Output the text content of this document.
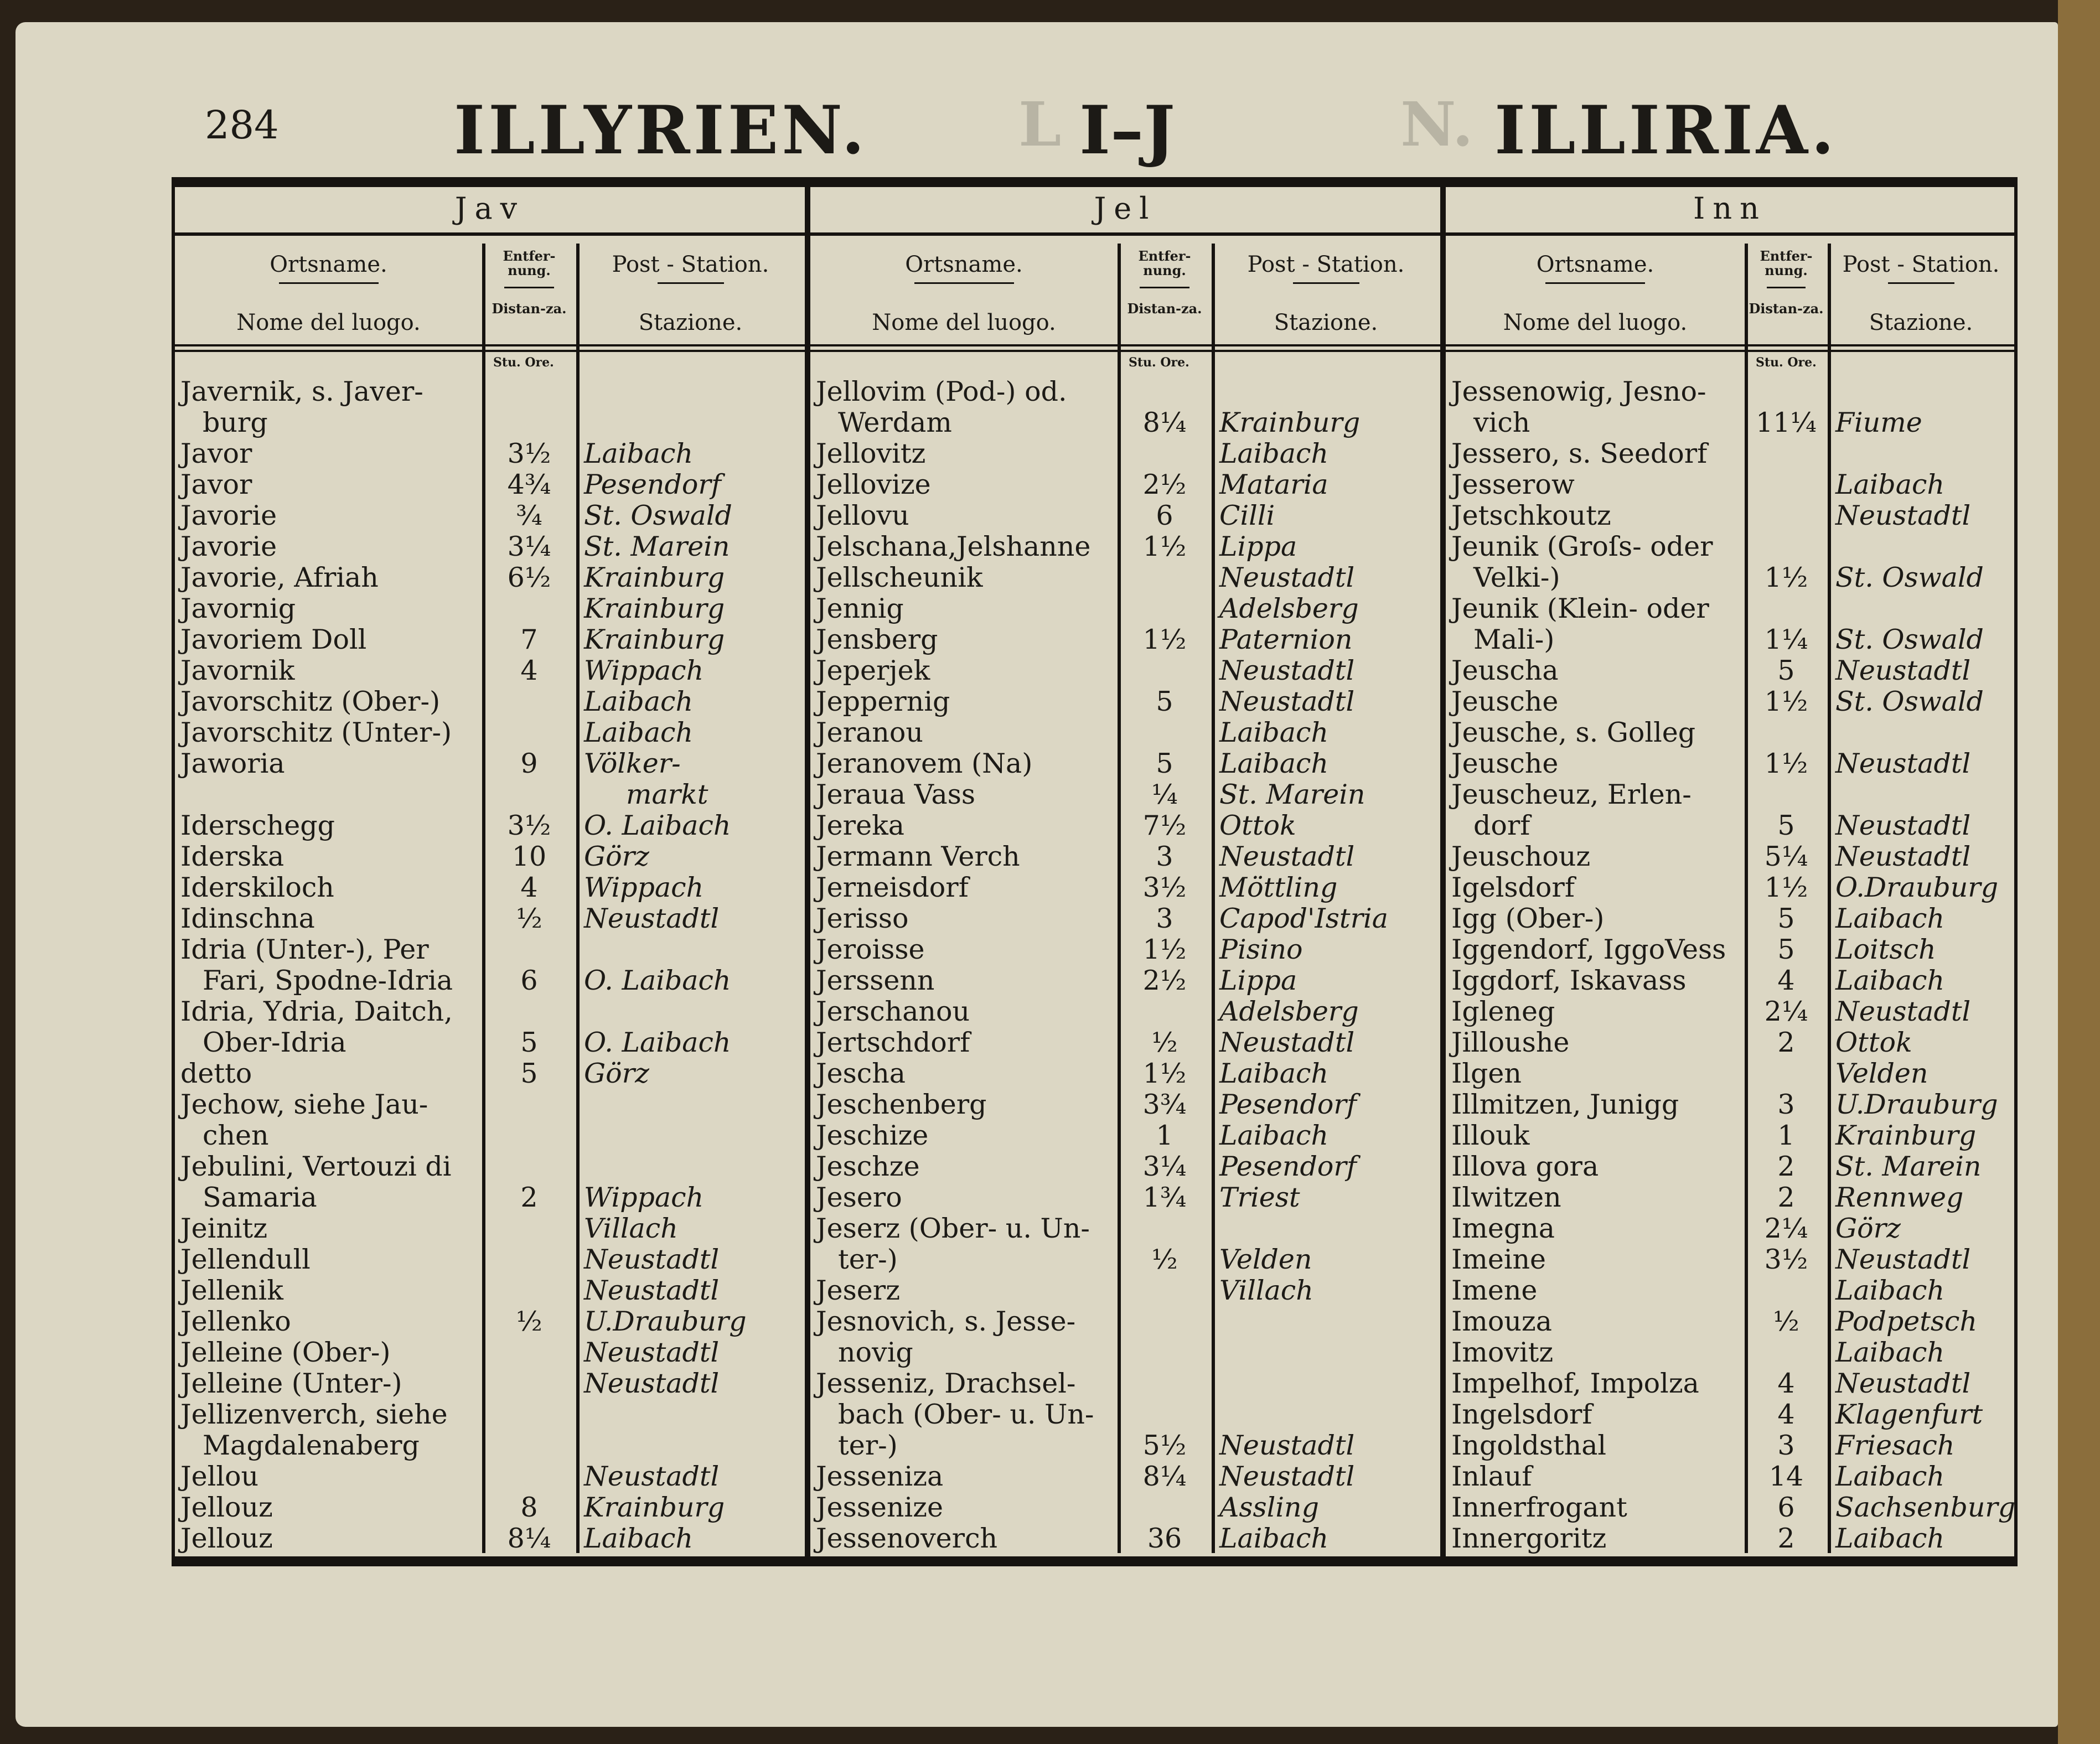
L	N.
284	ILLYRIEN.	I–J	ILLIRIA.
Jav
Ortsname.
Nome del luogo.
Entfer-nung.
Distan-za.
Post - Station.
Stazione.
Stu. Ore.
Javernik, s. Javer-
burg
Javor	3½	Laibach
Javor	4¾	Pesendorf
Javorie	¾	St. Oswald
Javorie	3¼	St. Marein
Javorie, Afriah	6½	Krainburg
Javornig	Krainburg
Javoriem Doll	7	Krainburg
Javornik	4	Wippach
Javorschitz (Ober-)	Laibach
Javorschitz (Unter-)	Laibach
Jaworia	9	Völker-
markt
Iderschegg	3½	O. Laibach
Iderska	10	Görz
Iderskiloch	4	Wippach
Idinschna	½	Neustadtl
Idria (Unter-), Per
Fari, Spodne-Idria	6	O. Laibach
Idria, Ydria, Daitch,
Ober-Idria	5	O. Laibach
detto	5	Görz
Jechow, siehe Jau-
chen
Jebulini, Vertouzi di
Samaria	2	Wippach
Jeinitz	Villach
Jellendull	Neustadtl
Jellenik	Neustadtl
Jellenko	½	U.Drauburg
Jelleine (Ober-)	Neustadtl
Jelleine (Unter-)	Neustadtl
Jellizenverch, siehe
Magdalenaberg
Jellou	Neustadtl
Jellouz	8	Krainburg
Jellouz	8¼	Laibach
Jel
Ortsname.
Nome del luogo.
Entfer-nung.
Distan-za.
Post - Station.
Stazione.
Stu. Ore.
Jellovim (Pod-) od.
Werdam	8¼	Krainburg
Jellovitz	Laibach
Jellovize	2½	Mataria
Jellovu	6	Cilli
Jelschana,Jelshanne	1½	Lippa
Jellscheunik	Neustadtl
Jennig	Adelsberg
Jensberg	1½	Paternion
Jeperjek	Neustadtl
Jeppernig	5	Neustadtl
Jeranou	Laibach
Jeranovem (Na)	5	Laibach
Jeraua Vass	¼	St. Marein
Jereka	7½	Ottok
Jermann Verch	3	Neustadtl
Jerneisdorf	3½	Möttling
Jerisso	3	Capod'Istria
Jeroisse	1½	Pisino
Jerssenn	2½	Lippa
Jerschanou	Adelsberg
Jertschdorf	½	Neustadtl
Jescha	1½	Laibach
Jeschenberg	3¾	Pesendorf
Jeschize	1	Laibach
Jeschze	3¼	Pesendorf
Jesero	1¾	Triest
Jeserz (Ober- u. Un-
ter-)	½	Velden
Jeserz	Villach
Jesnovich, s. Jesse-
novig
Jesseniz, Drachsel-
bach (Ober- u. Un-
ter-)	5½	Neustadtl
Jesseniza	8¼	Neustadtl
Jessenize	Assling
Jessenoverch	36	Laibach
Inn
Ortsname.
Nome del luogo.
Entfer-nung.
Distan-za.
Post - Station.
Stazione.
Stu. Ore.
Jessenowig, Jesno-
vich	11¼ Fiume
Jessero, s. Seedorf
Jesserow	Laibach
Jetschkoutz	Neustadtl
Jeunik (Groſs- oder
Velki-)	1½	St. Oswald
Jeunik (Klein- oder
Mali-)	1¼	St. Oswald
Jeuscha	5	Neustadtl
Jeusche	1½	St. Oswald
Jeusche, s. Golleg
Jeusche	1½	Neustadtl
Jeuscheuz, Erlen-
dorf	5	Neustadtl
Jeuschouz	5¼	Neustadtl
Igelsdorf	1½	O.Drauburg
Igg (Ober-)	5	Laibach
Iggendorf, IggoVess	5	Loitsch
Iggdorf, Iskavass	4	Laibach
Igleneg	2¼	Neustadtl
Jilloushe	2	Ottok
Ilgen	Velden
Illmitzen, Junigg	3	U.Drauburg
Illouk	1	Krainburg
Illova gora	2	St. Marein
Ilwitzen	2	Rennweg
Imegna	2¼	Görz
Imeine	3½	Neustadtl
Imene	Laibach
Imouza	½	Podpetsch
Imovitz	Laibach
Impelhof, Impolza	4	Neustadtl
Ingelsdorf	4	Klagenfurt
Ingoldsthal	3	Friesach
Inlauf	14	Laibach
Innerfrogant	6	Sachsenburg
Innergoritz	2	Laibach
